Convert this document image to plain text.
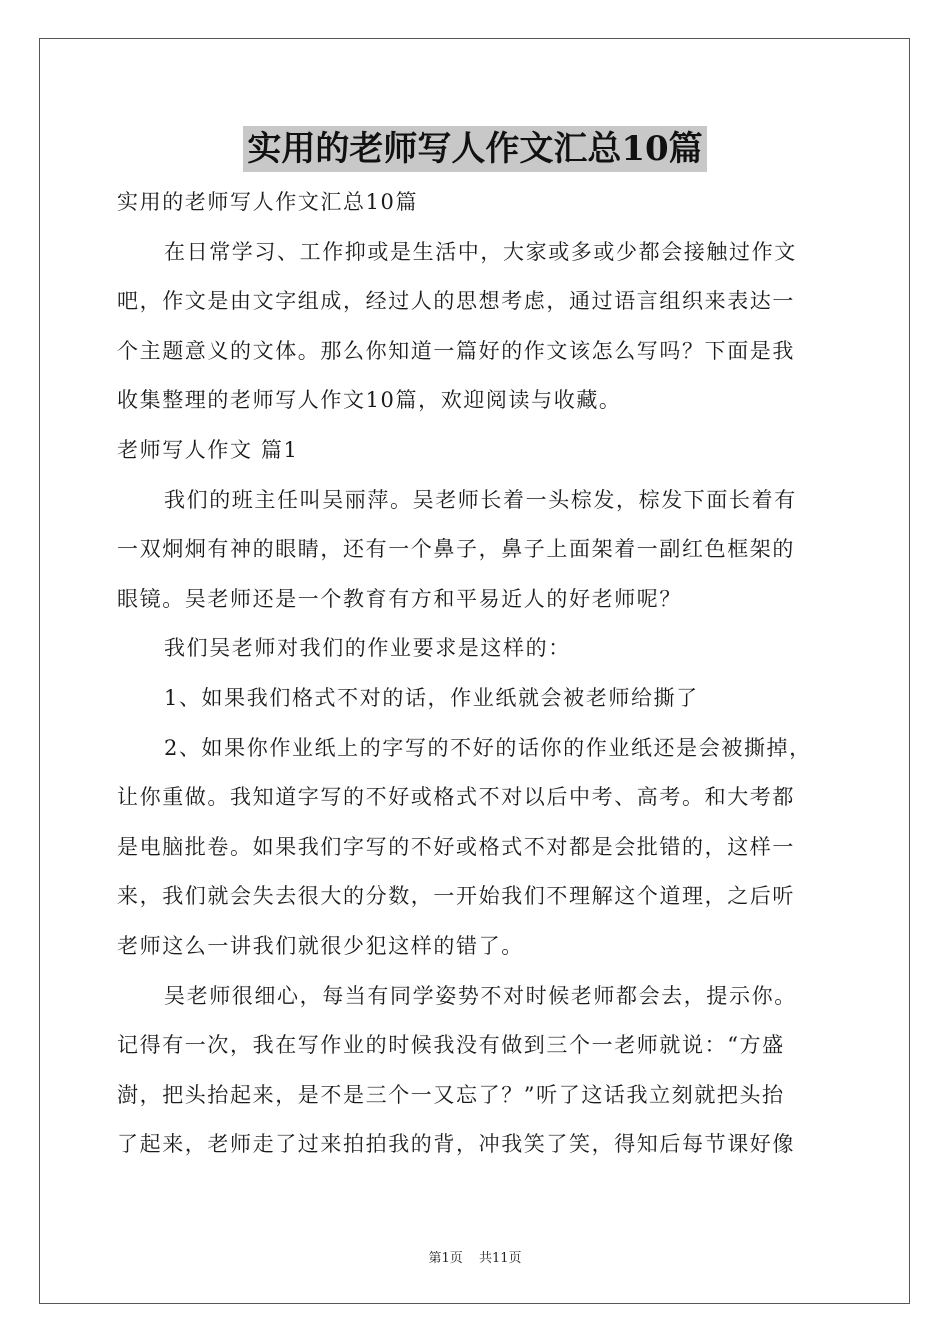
实用的老师写人作文汇总10篇
实用的老师写人作文汇总10篇
在日常学习、工作抑或是生活中，大家或多或少都会接触过作文
吧，作文是由文字组成，经过人的思想考虑，通过语言组织来表达一
个主题意义的文体。那么你知道一篇好的作文该怎么写吗？下面是我
收集整理的老师写人作文10篇，欢迎阅读与收藏。
老师写人作文 篇1
我们的班主任叫吴丽萍。吴老师长着一头棕发，棕发下面长着有
一双炯炯有神的眼睛，还有一个鼻子，鼻子上面架着一副红色框架的
眼镜。吴老师还是一个教育有方和平易近人的好老师呢？
我们吴老师对我们的作业要求是这样的：
1、如果我们格式不对的话，作业纸就会被老师给撕了
2、如果你作业纸上的字写的不好的话你的作业纸还是会被撕掉，
让你重做。我知道字写的不好或格式不对以后中考、高考。和大考都
是电脑批卷。如果我们字写的不好或格式不对都是会批错的，这样一
来，我们就会失去很大的分数，一开始我们不理解这个道理，之后听
老师这么一讲我们就很少犯这样的错了。
吴老师很细心，每当有同学姿势不对时候老师都会去，提示你。
记得有一次，我在写作业的时候我没有做到三个一老师就说：“方盛
澍，把头抬起来，是不是三个一又忘了？”听了这话我立刻就把头抬
了起来，老师走了过来拍拍我的背，冲我笑了笑，得知后每节课好像
第1页 共11页
